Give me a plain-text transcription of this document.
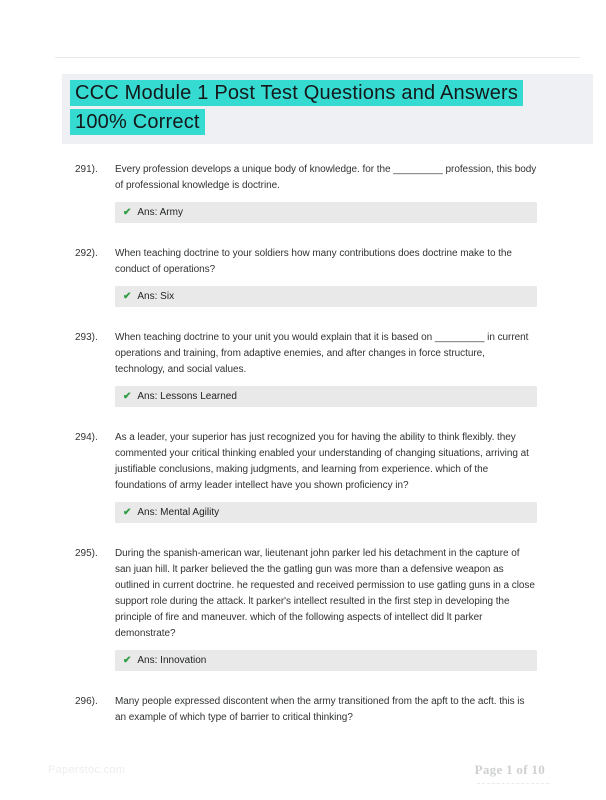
CCC Module 1 Post Test Questions and Answers 100% Correct
291).	Every profession develops a unique body of knowledge. for the _________ profession, this body of professional knowledge is doctrine.

✔ Ans: Army
292).	When teaching doctrine to your soldiers how many contributions does doctrine make to the conduct of operations?

✔ Ans: Six
293).	When teaching doctrine to your unit you would explain that it is based on _________ in current operations and training, from adaptive enemies, and after changes in force structure, technology, and social values.

✔ Ans: Lessons Learned
294).	As a leader, your superior has just recognized you for having the ability to think flexibly. they commented your critical thinking enabled your understanding of changing situations, arriving at justifiable conclusions, making judgments, and learning from experience. which of the foundations of army leader intellect have you shown proficiency in?

✔ Ans: Mental Agility
295).	During the spanish-american war, lieutenant john parker led his detachment in the capture of san juan hill. lt parker believed the the gatling gun was more than a defensive weapon as outlined in current doctrine. he requested and received permission to use gatling guns in a close support role during the attack. lt parker's intellect resulted in the first step in developing the principle of fire and maneuver. which of the following aspects of intellect did lt parker demonstrate?

✔ Ans: Innovation
296).	Many people expressed discontent when the army transitioned from the apft to the acft. this is an example of which type of barrier to critical thinking?

Paperstoc.com	Page 1 of 10
